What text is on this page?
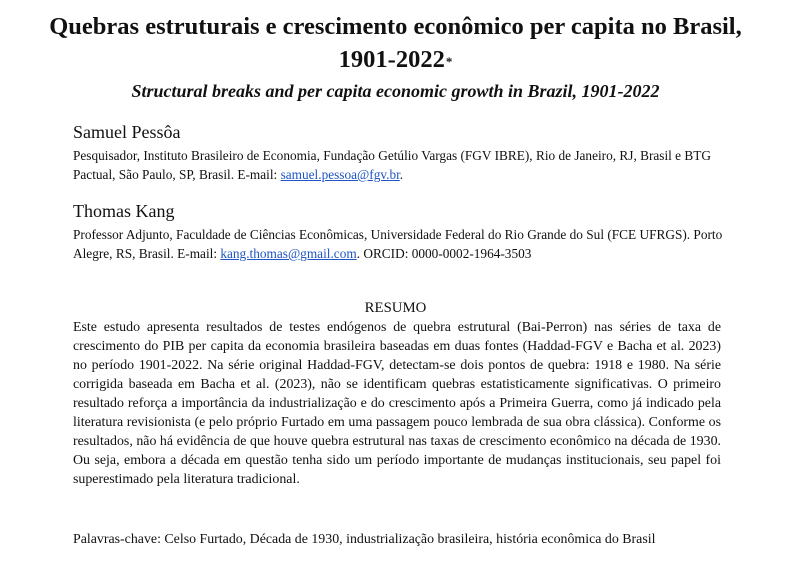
Quebras estruturais e crescimento econômico per capita no Brasil, 1901-2022*

Structural breaks and per capita economic growth in Brazil, 1901-2022

Samuel Pessôa

Pesquisador, Instituto Brasileiro de Economia, Fundação Getúlio Vargas (FGV IBRE), Rio de Janeiro, RJ, Brasil e BTG Pactual, São Paulo, SP, Brasil. E-mail: samuel.pessoa@fgv.br.

Thomas Kang

Professor Adjunto, Faculdade de Ciências Econômicas, Universidade Federal do Rio Grande do Sul (FCE UFRGS). Porto Alegre, RS, Brasil. E-mail: kang.thomas@gmail.com. ORCID: 0000-0002-1964-3503

RESUMO

Este estudo apresenta resultados de testes endógenos de quebra estrutural (Bai-Perron) nas séries de taxa de crescimento do PIB per capita da economia brasileira baseadas em duas fontes (Haddad-FGV e Bacha et al. 2023) no período 1901-2022. Na série original Haddad-FGV, detectam-se dois pontos de quebra: 1918 e 1980. Na série corrigida baseada em Bacha et al. (2023), não se identificam quebras estatisticamente significativas. O primeiro resultado reforça a importância da industrialização e do crescimento após a Primeira Guerra, como já indicado pela literatura revisionista (e pelo próprio Furtado em uma passagem pouco lembrada de sua obra clássica). Conforme os resultados, não há evidência de que houve quebra estrutural nas taxas de crescimento econômico na década de 1930. Ou seja, embora a década em questão tenha sido um período importante de mudanças institucionais, seu papel foi superestimado pela literatura tradicional.

Palavras-chave: Celso Furtado, Década de 1930, industrialização brasileira, história econômica do Brasil
